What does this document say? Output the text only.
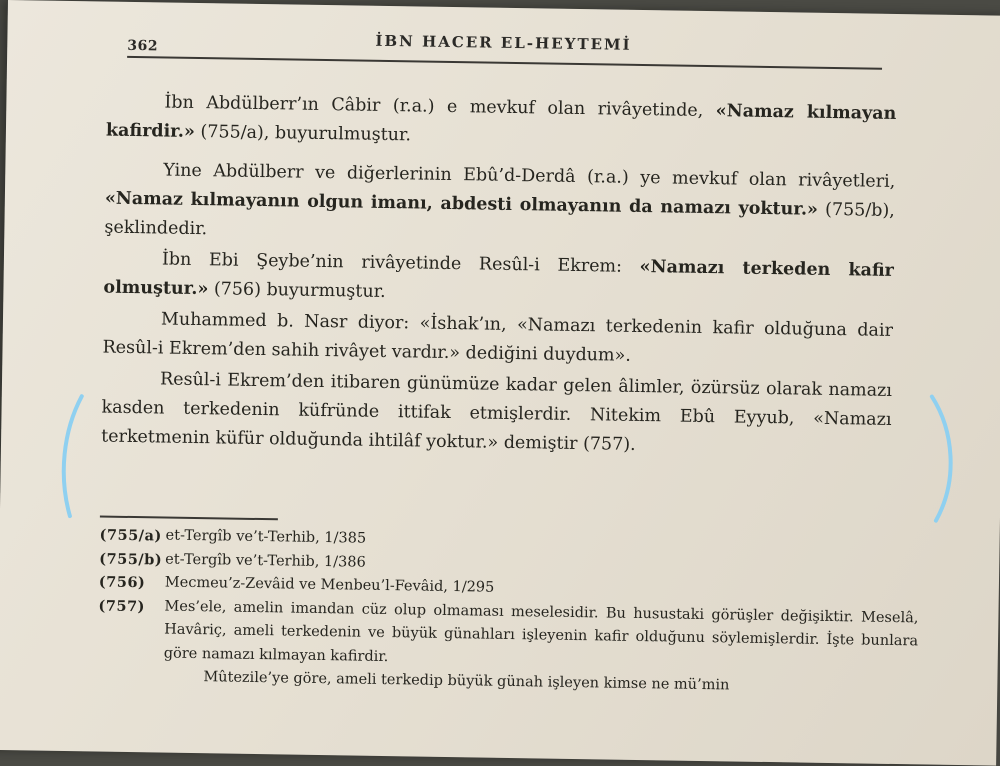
362	İBN HACER EL-HEYTEMİ

İbn Abdülberr’ın Câbir (r.a.) e mevkuf olan rivâyetinde, «Namaz kılmayan kafirdir.» (755/a), buyurulmuştur.

Yine Abdülberr ve diğerlerinin Ebû’d-Derdâ (r.a.) ye mevkuf olan rivâyetleri, «Namaz kılmayanın olgun imanı, abdesti olmayanın da namazı yoktur.» (755/b), şeklindedir.

İbn Ebi Şeybe’nin rivâyetinde Resûl-i Ekrem: «Namazı terkeden kafir olmuştur.» (756) buyurmuştur.

Muhammed b. Nasr diyor: «İshak’ın, «Namazı terkedenin kafir olduğuna dair Resûl-i Ekrem’den sahih rivâyet vardır.» dediğini duydum».

Resûl-i Ekrem’den itibaren günümüze kadar gelen âlimler, özürsüz olarak namazı kasden terkedenin küfründe ittifak etmişlerdir. Nitekim Ebû Eyyub, «Namazı terketmenin küfür olduğunda ihtilâf yoktur.» demiştir (757).

(755/a) et-Tergîb ve’t-Terhib, 1/385
(755/b) et-Tergîb ve’t-Terhib, 1/386
(756)	Mecmeu’z-Zevâid ve Menbeu’l-Fevâid, 1/295
(757)	Mes’ele, amelin imandan cüz olup olmaması meselesidir. Bu husustaki görüşler değişiktir. Meselâ, Havâriç, ameli terkedenin ve büyük günahları işleyenin kafir olduğunu söylemişlerdir. İşte bunlara göre namazı kılmayan kafirdir.
Mûtezile’ye göre, ameli terkedip büyük günah işleyen kimse ne mü’min
